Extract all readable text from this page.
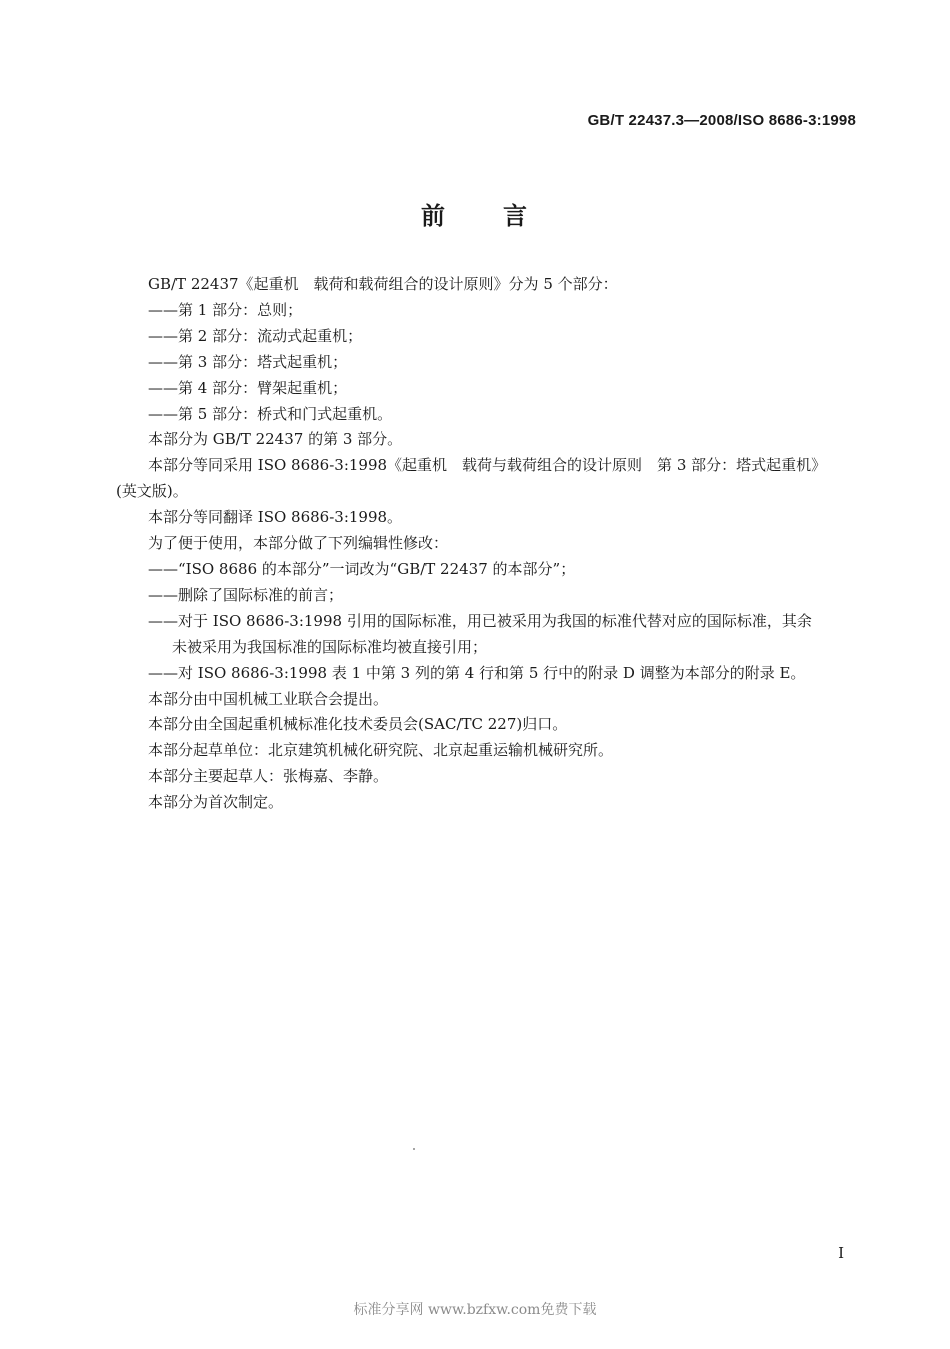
GB/T 22437.3—2008/ISO 8686-3:1998
前 言
GB/T 22437《起重机　载荷和载荷组合的设计原则》分为 5 个部分：
——第 1 部分：总则；
——第 2 部分：流动式起重机；
——第 3 部分：塔式起重机；
——第 4 部分：臂架起重机；
——第 5 部分：桥式和门式起重机。
本部分为 GB/T 22437 的第 3 部分。
本部分等同采用 ISO 8686-3:1998《起重机　载荷与载荷组合的设计原则　第 3 部分：塔式起重机》
(英文版)。
本部分等同翻译 ISO 8686-3:1998。
为了便于使用，本部分做了下列编辑性修改：
——“ISO 8686 的本部分”一词改为“GB/T 22437 的本部分”；
——删除了国际标准的前言；
——对于 ISO 8686-3:1998 引用的国际标准，用已被采用为我国的标准代替对应的国际标准，其余
未被采用为我国标准的国际标准均被直接引用；
——对 ISO 8686-3:1998 表 1 中第 3 列的第 4 行和第 5 行中的附录 D 调整为本部分的附录 E。
本部分由中国机械工业联合会提出。
本部分由全国起重机械标准化技术委员会(SAC/TC 227)归口。
本部分起草单位：北京建筑机械化研究院、北京起重运输机械研究所。
本部分主要起草人：张梅嘉、李静。
本部分为首次制定。
I
标准分享网 www.bzfxw.com免费下载
